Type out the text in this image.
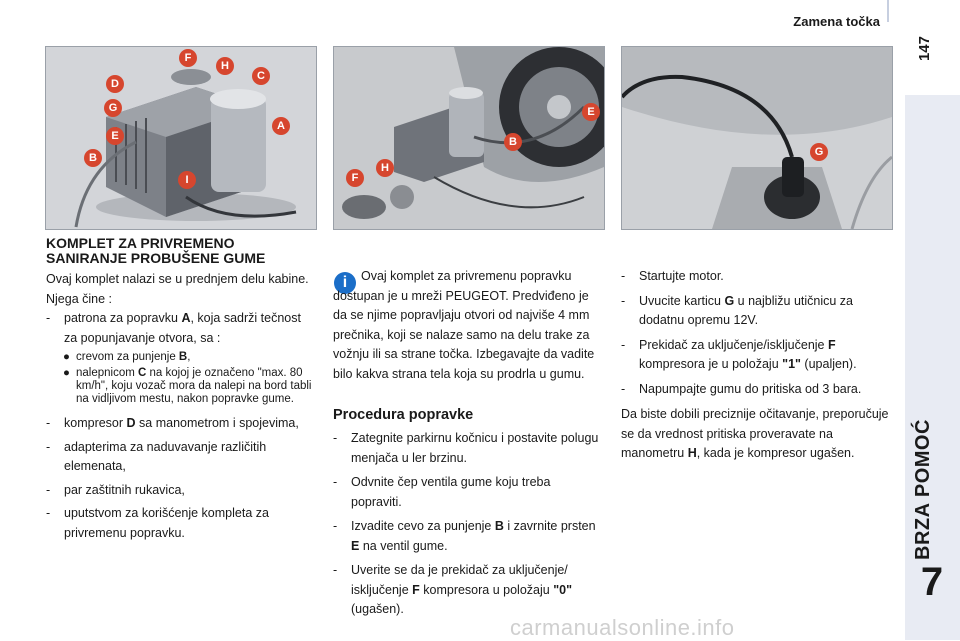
Zamena točka
147
BRZA POMOĆ
7
F
H
D
C
G
A
E
B
I
E
B
F
H
G
KOMPLET ZA PRIVREMENO
SANIRANJE PROBUŠENE GUME
Ovaj komplet nalazi se u prednjem delu kabine. Njega čine :
- patrona za popravku A, koja sadrži tečnost za popunjavanje otvora, sa :
● crevom za punjenje B,
● nalepnicom C na kojoj je označeno "max. 80 km/h", koju vozač mora da nalepi na bord tabli na vidljivom mestu, nakon popravke gume.
- kompresor D sa manometrom i spojevima,
- adapterima za naduvavanje različitih elemenata,
- par zaštitnih rukavica,
- uputstvom za korišćenje kompleta za privremenu popravku.
i	Ovaj komplet za privremenu popravku dostupan je u mreži PEUGEOT. Predviđeno je da se njime popravljaju otvori od najviše 4 mm prečnika, koji se nalaze samo na delu trake za vožnju ili sa strane točka. Izbegavajte da vadite bilo kakva strana tela koja su prodrla u gumu.
Procedura popravke
- Zategnite parkirnu kočnicu i postavite polugu menjača u ler brzinu.
- Odvnite čep ventila gume koju treba popraviti.
- Izvadite cevo za punjenje B i zavrnite prsten E na ventil gume.
- Uverite se da je prekidač za uključenje/ isključenje F kompresora u položaju "0" (ugašen).
- Startujte motor.
- Uvucite karticu G u najbližu utičnicu za dodatnu opremu 12V.
- Prekidač za uključenje/isključenje F kompresora je u položaju "1" (upaljen).
- Napumpajte gumu do pritiska od 3 bara.
Da biste dobili preciznije očitavanje, preporučuje se da vrednost pritiska proveravate na manometru H, kada je kompresor ugašen.
carmanualsonline.info
